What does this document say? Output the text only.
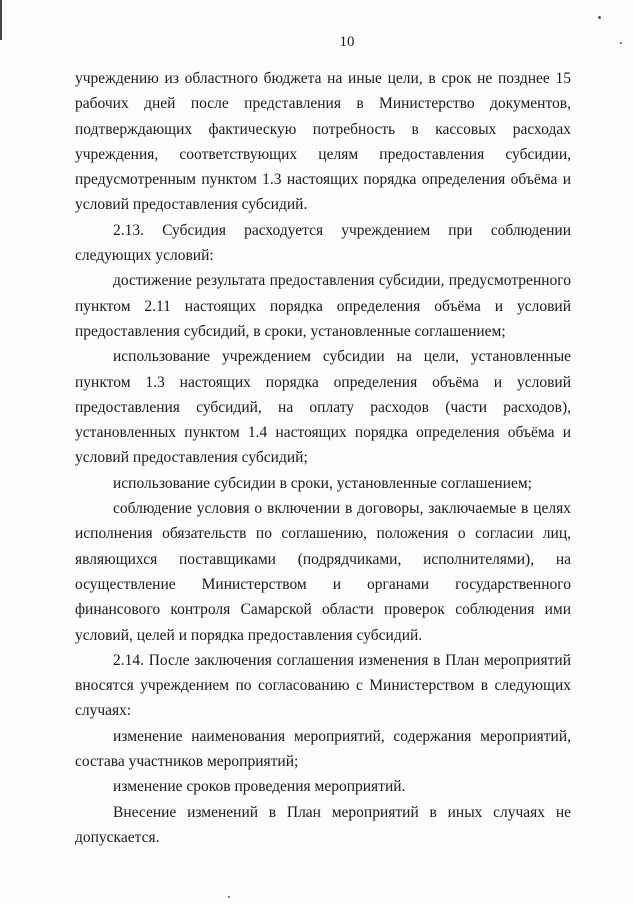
10

учреждению из областного бюджета на иные цели, в срок не позднее 15 рабочих дней после представления в Министерство документов, подтверждающих фактическую потребность в кассовых расходах учреждения, соответствующих целям предоставления субсидии, предусмотренным пунктом 1.3 настоящих порядка определения объёма и условий предоставления субсидий.

2.13. Субсидия расходуется учреждением при соблюдении следующих условий:

достижение результата предоставления субсидии, предусмотренного пунктом 2.11 настоящих порядка определения объёма и условий предоставления субсидий, в сроки, установленные соглашением;

использование учреждением субсидии на цели, установленные пунктом 1.3 настоящих порядка определения объёма и условий предоставления субсидий, на оплату расходов (части расходов), установленных пунктом 1.4 настоящих порядка определения объёма и условий предоставления субсидий;

использование субсидии в сроки, установленные соглашением;

соблюдение условия о включении в договоры, заключаемые в целях исполнения обязательств по соглашению, положения о согласии лиц, являющихся поставщиками (подрядчиками, исполнителями), на осуществление Министерством и органами государственного финансового контроля Самарской области проверок соблюдения ими условий, целей и порядка предоставления субсидий.

2.14. После заключения соглашения изменения в План мероприятий вносятся учреждением по согласованию с Министерством в следующих случаях:

изменение наименования мероприятий, содержания мероприятий, состава участников мероприятий;

изменение сроков проведения мероприятий.

Внесение изменений в План мероприятий в иных случаях не допускается.
